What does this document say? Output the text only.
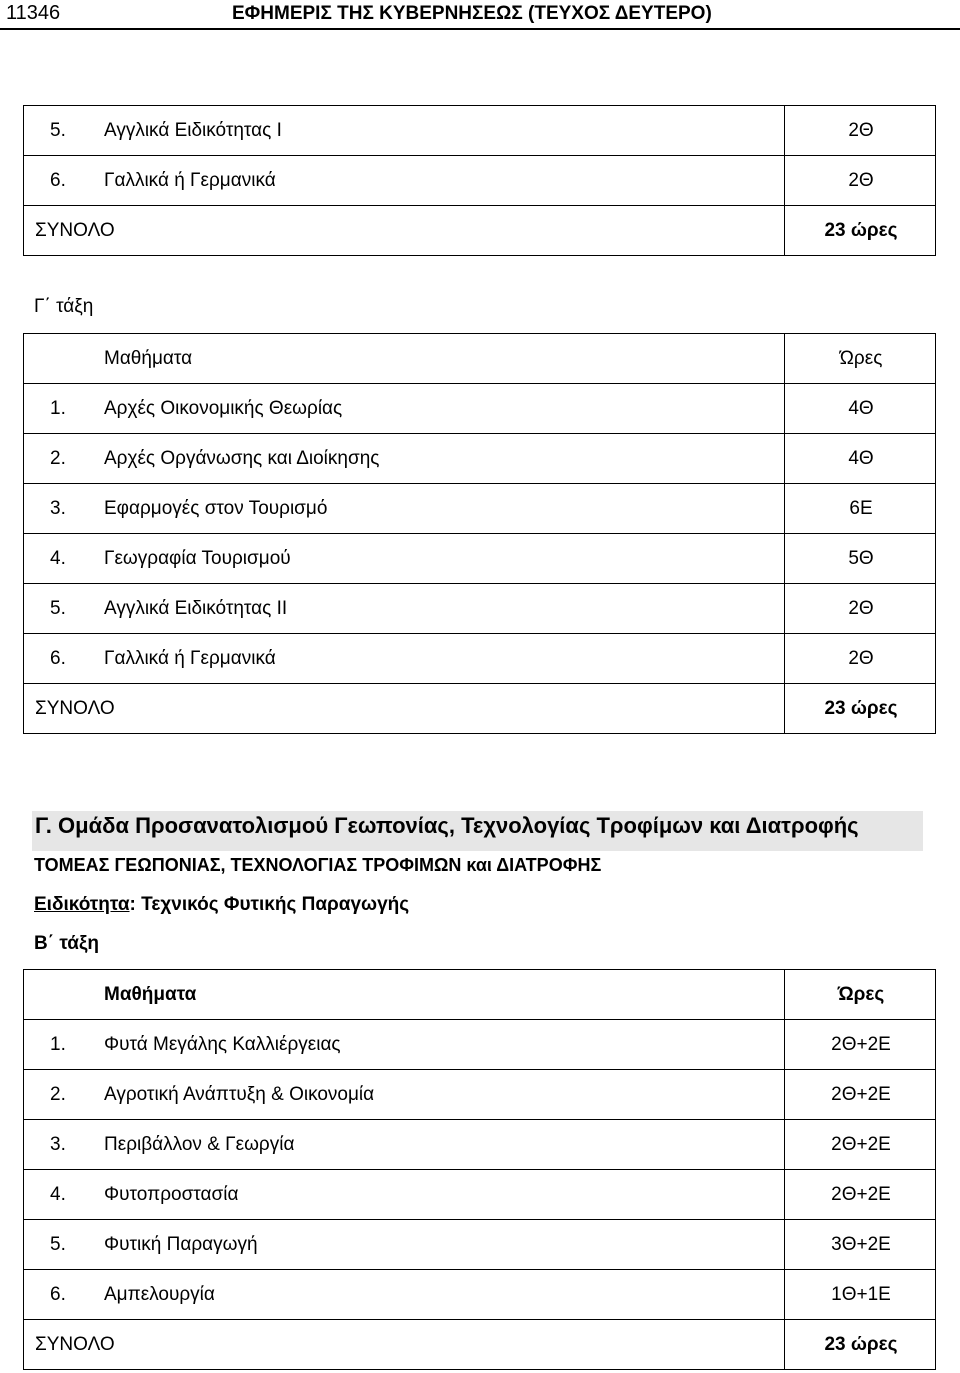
11346	ΕΦΗΜΕΡΙΣ ΤΗΣ ΚΥΒΕΡΝΗΣΕΩΣ (ΤΕΥΧΟΣ ΔΕΥΤΕΡΟ)
5. Αγγλικά Ειδικότητας Ι	2Θ
6. Γαλλικά ή Γερμανικά	2Θ
ΣΥΝΟΛΟ	23 ώρες
Γ΄ τάξη
Μαθήματα	Ώρες
1. Αρχές Οικονομικής Θεωρίας	4Θ
2. Αρχές Οργάνωσης και Διοίκησης	4Θ
3. Εφαρμογές στον Τουρισμό	6Ε
4. Γεωγραφία Τουρισμού	5Θ
5. Αγγλικά Ειδικότητας ΙΙ	2Θ
6. Γαλλικά ή Γερμανικά	2Θ
ΣΥΝΟΛΟ	23 ώρες
Γ. Ομάδα Προσανατολισμού Γεωπονίας, Τεχνολογίας Τροφίμων και Διατροφής
ΤΟΜΕΑΣ ΓΕΩΠΟΝΙΑΣ, ΤΕΧΝΟΛΟΓΙΑΣ ΤΡΟΦΙΜΩΝ και ΔΙΑΤΡΟΦΗΣ
Ειδικότητα: Τεχνικός Φυτικής Παραγωγής
Β΄ τάξη
Μαθήματα	Ώρες
1. Φυτά Μεγάλης Καλλιέργειας	2Θ+2Ε
2. Αγροτική Ανάπτυξη & Οικονομία	2Θ+2Ε
3. Περιβάλλον & Γεωργία	2Θ+2Ε
4. Φυτοπροστασία	2Θ+2Ε
5. Φυτική Παραγωγή	3Θ+2Ε
6. Αμπελουργία	1Θ+1Ε
ΣΥΝΟΛΟ	23 ώρες
